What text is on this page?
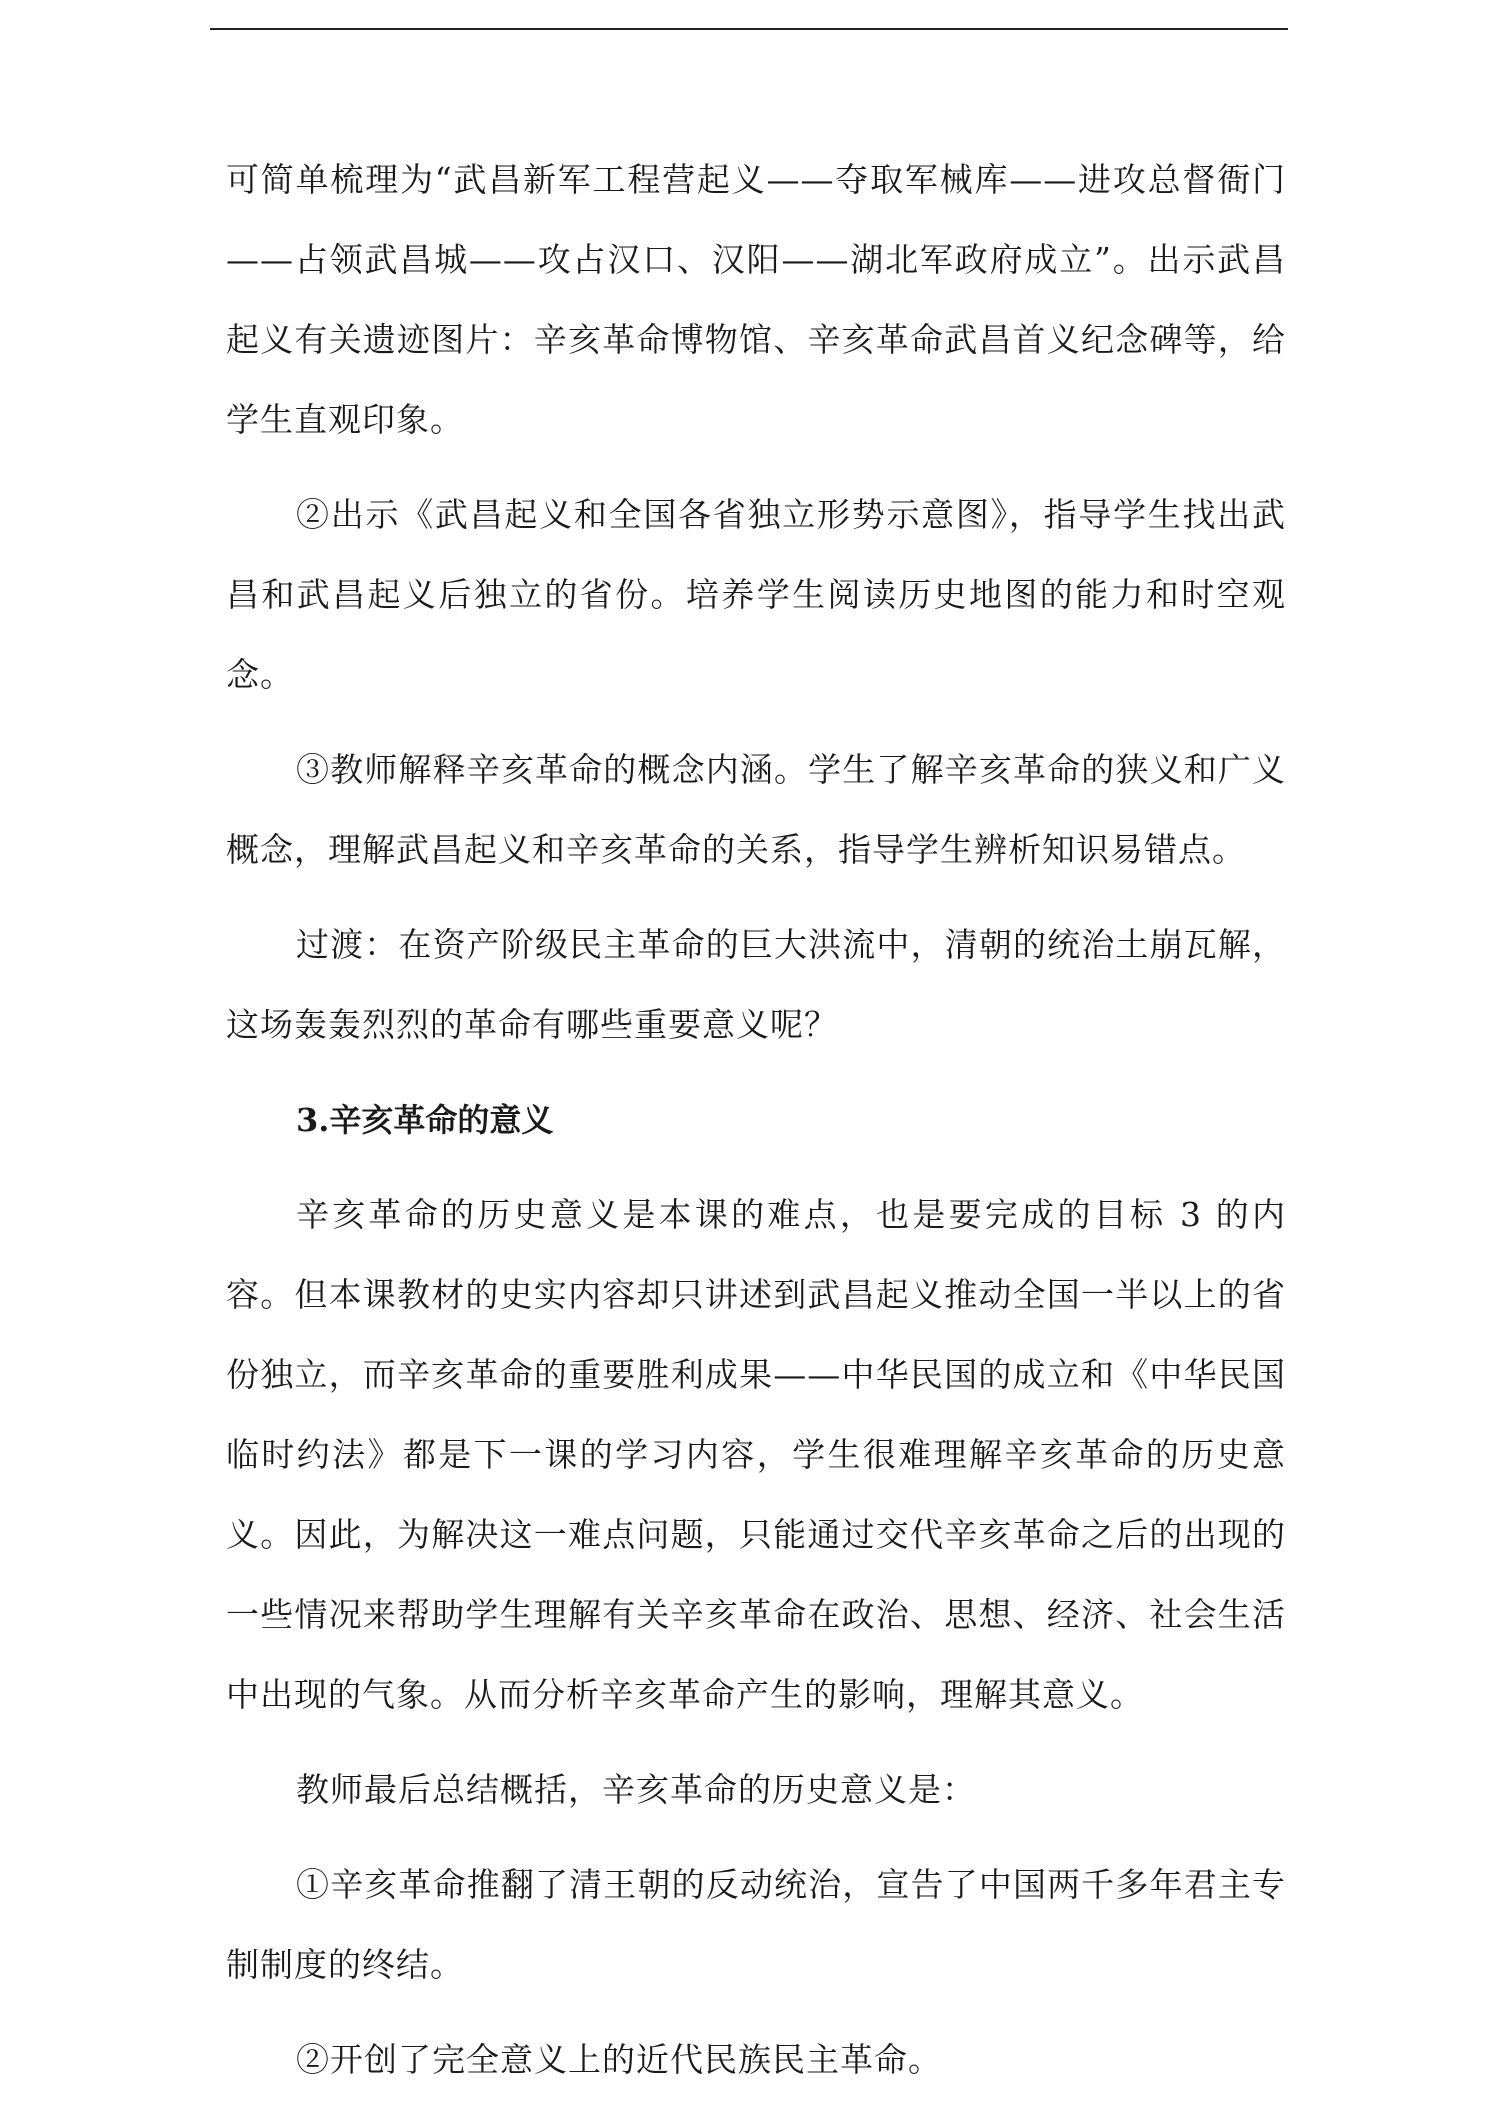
可简单梳理为“武昌新军工程营起义——夺取军械库——进攻总督衙门——占领武昌城——攻占汉口、汉阳——湖北军政府成立”。出示武昌起义有关遗迹图片：辛亥革命博物馆、辛亥革命武昌首义纪念碑等，给学生直观印象。

②出示《武昌起义和全国各省独立形势示意图》，指导学生找出武昌和武昌起义后独立的省份。培养学生阅读历史地图的能力和时空观念。

③教师解释辛亥革命的概念内涵。学生了解辛亥革命的狭义和广义概念，理解武昌起义和辛亥革命的关系，指导学生辨析知识易错点。

过渡：在资产阶级民主革命的巨大洪流中，清朝的统治土崩瓦解，这场轰轰烈烈的革命有哪些重要意义呢？

3.辛亥革命的意义

辛亥革命的历史意义是本课的难点，也是要完成的目标 3 的内容。但本课教材的史实内容却只讲述到武昌起义推动全国一半以上的省份独立，而辛亥革命的重要胜利成果——中华民国的成立和《中华民国临时约法》都是下一课的学习内容，学生很难理解辛亥革命的历史意义。因此，为解决这一难点问题，只能通过交代辛亥革命之后的出现的一些情况来帮助学生理解有关辛亥革命在政治、思想、经济、社会生活中出现的气象。从而分析辛亥革命产生的影响，理解其意义。

教师最后总结概括，辛亥革命的历史意义是：

①辛亥革命推翻了清王朝的反动统治，宣告了中国两千多年君主专制制度的终结。

②开创了完全意义上的近代民族民主革命。
